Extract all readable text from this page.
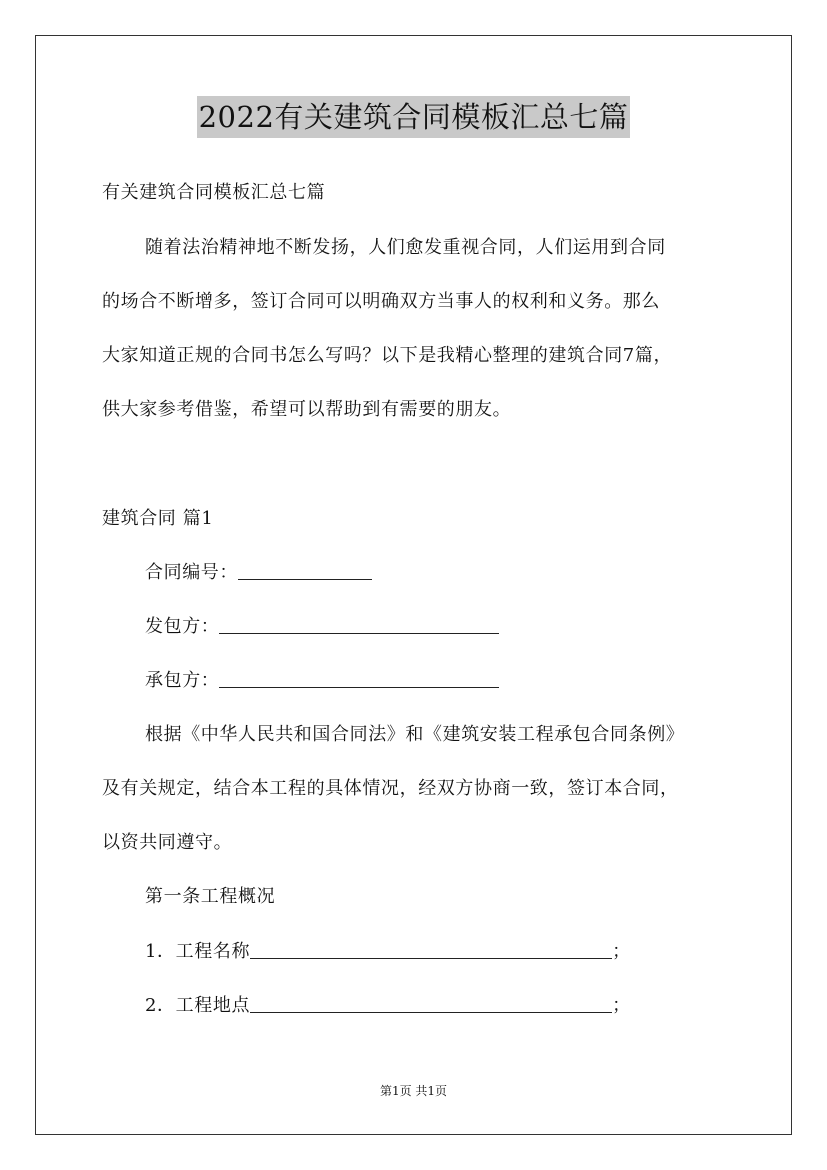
2022有关建筑合同模板汇总七篇
有关建筑合同模板汇总七篇
随着法治精神地不断发扬，人们愈发重视合同，人们运用到合同
的场合不断增多，签订合同可以明确双方当事人的权利和义务。那么
大家知道正规的合同书怎么写吗？以下是我精心整理的建筑合同7篇，
供大家参考借鉴，希望可以帮助到有需要的朋友。
建筑合同 篇1
合同编号：
发包方：
承包方：
根据《中华人民共和国合同法》和《建筑安装工程承包合同条例》
及有关规定，结合本工程的具体情况，经双方协商一致，签订本合同，
以资共同遵守。
第一条工程概况
1．工程名称	；
2．工程地点	；
第1页 共1页
